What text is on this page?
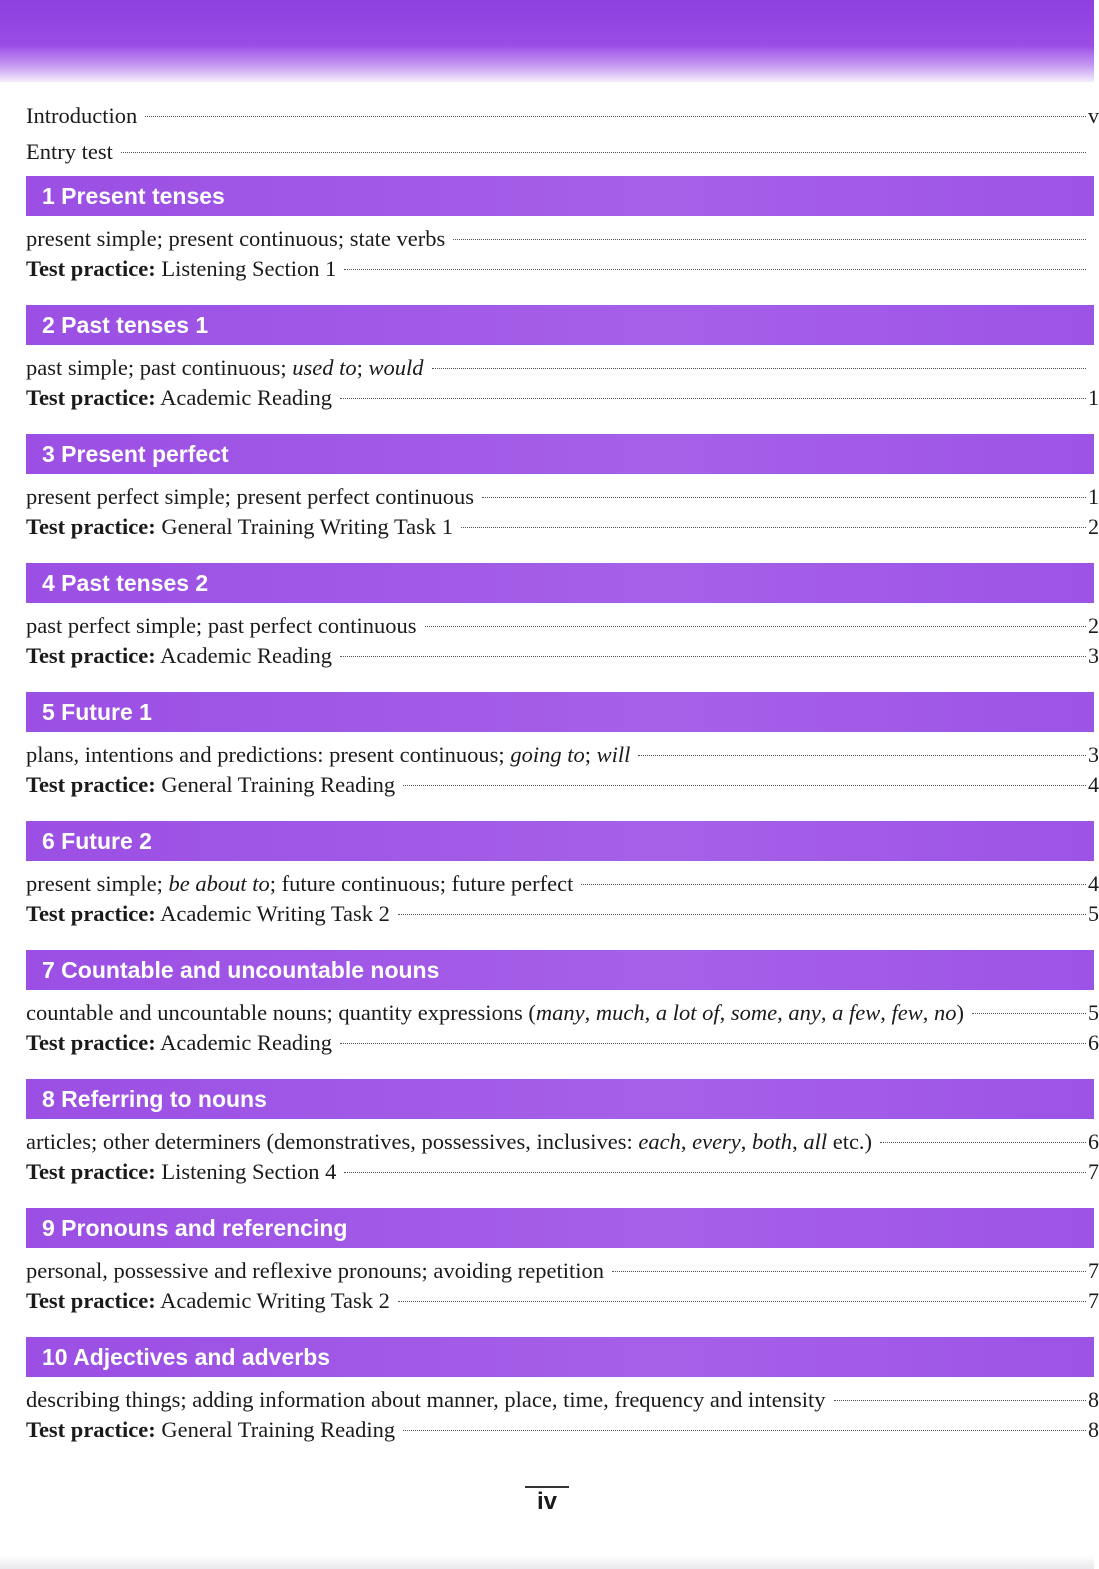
Introduction	v
Entry test
1 Present tenses
present simple; present continuous; state verbs
Test practice: Listening Section 1
2 Past tenses 1
past simple; past continuous; used to; would
Test practice: Academic Reading	1
3 Present perfect
present perfect simple; present perfect continuous	1
Test practice: General Training Writing Task 1	2
4 Past tenses 2
past perfect simple; past perfect continuous	2
Test practice: Academic Reading	3
5 Future 1
plans, intentions and predictions: present continuous; going to; will	3
Test practice: General Training Reading	4
6 Future 2
present simple; be about to; future continuous; future perfect	4
Test practice: Academic Writing Task 2	5
7 Countable and uncountable nouns
countable and uncountable nouns; quantity expressions (many, much, a lot of, some, any, a few, few, no)	5
Test practice: Academic Reading	6
8 Referring to nouns
articles; other determiners (demonstratives, possessives, inclusives: each, every, both, all etc.)	6
Test practice: Listening Section 4	7
9 Pronouns and referencing
personal, possessive and reflexive pronouns; avoiding repetition	7
Test practice: Academic Writing Task 2	7
10 Adjectives and adverbs
describing things; adding information about manner, place, time, frequency and intensity	8
Test practice: General Training Reading	8
iv
